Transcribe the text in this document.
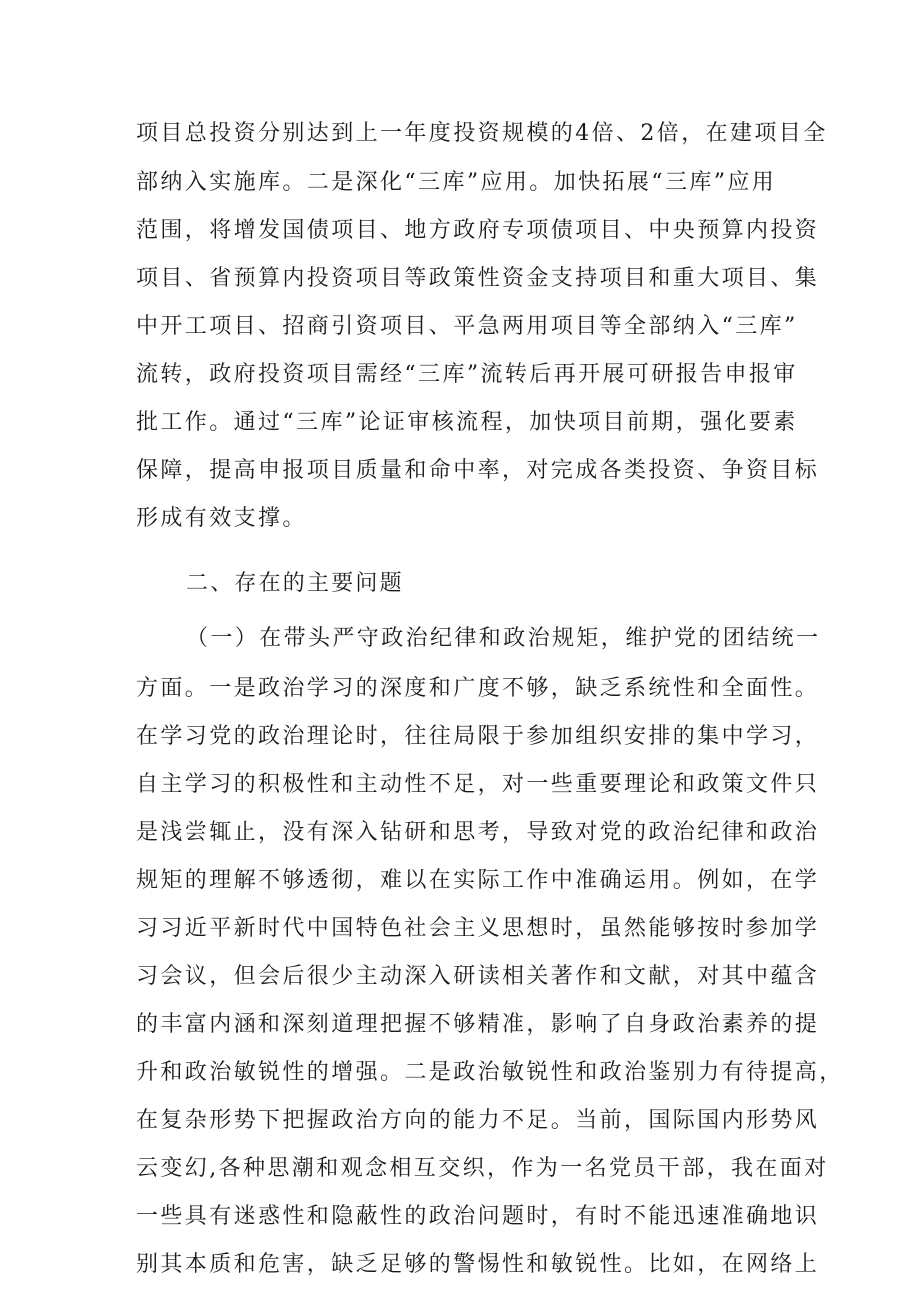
项目总投资分别达到上一年度投资规模的4倍、2倍，在建项目全
部纳入实施库。二是深化“三库”应用。加快拓展“三库”应用
范围，将增发国债项目、地方政府专项债项目、中央预算内投资
项目、省预算内投资项目等政策性资金支持项目和重大项目、集
中开工项目、招商引资项目、平急两用项目等全部纳入“三库”
流转，政府投资项目需经“三库”流转后再开展可研报告申报审
批工作。通过“三库”论证审核流程，加快项目前期，强化要素
保障，提高申报项目质量和命中率，对完成各类投资、争资目标
形成有效支撑。
二、存在的主要问题
（一）在带头严守政治纪律和政治规矩，维护党的团结统一
方面。一是政治学习的深度和广度不够，缺乏系统性和全面性。
在学习党的政治理论时，往往局限于参加组织安排的集中学习，
自主学习的积极性和主动性不足，对一些重要理论和政策文件只
是浅尝辄止，没有深入钻研和思考，导致对党的政治纪律和政治
规矩的理解不够透彻，难以在实际工作中准确运用。例如，在学
习习近平新时代中国特色社会主义思想时，虽然能够按时参加学
习会议，但会后很少主动深入研读相关著作和文献，对其中蕴含
的丰富内涵和深刻道理把握不够精准，影响了自身政治素养的提
升和政治敏锐性的增强。二是政治敏锐性和政治鉴别力有待提高，
在复杂形势下把握政治方向的能力不足。当前，国际国内形势风
云变幻,各种思潮和观念相互交织，作为一名党员干部，我在面对
一些具有迷惑性和隐蔽性的政治问题时，有时不能迅速准确地识
别其本质和危害，缺乏足够的警惕性和敏锐性。比如，在网络上
